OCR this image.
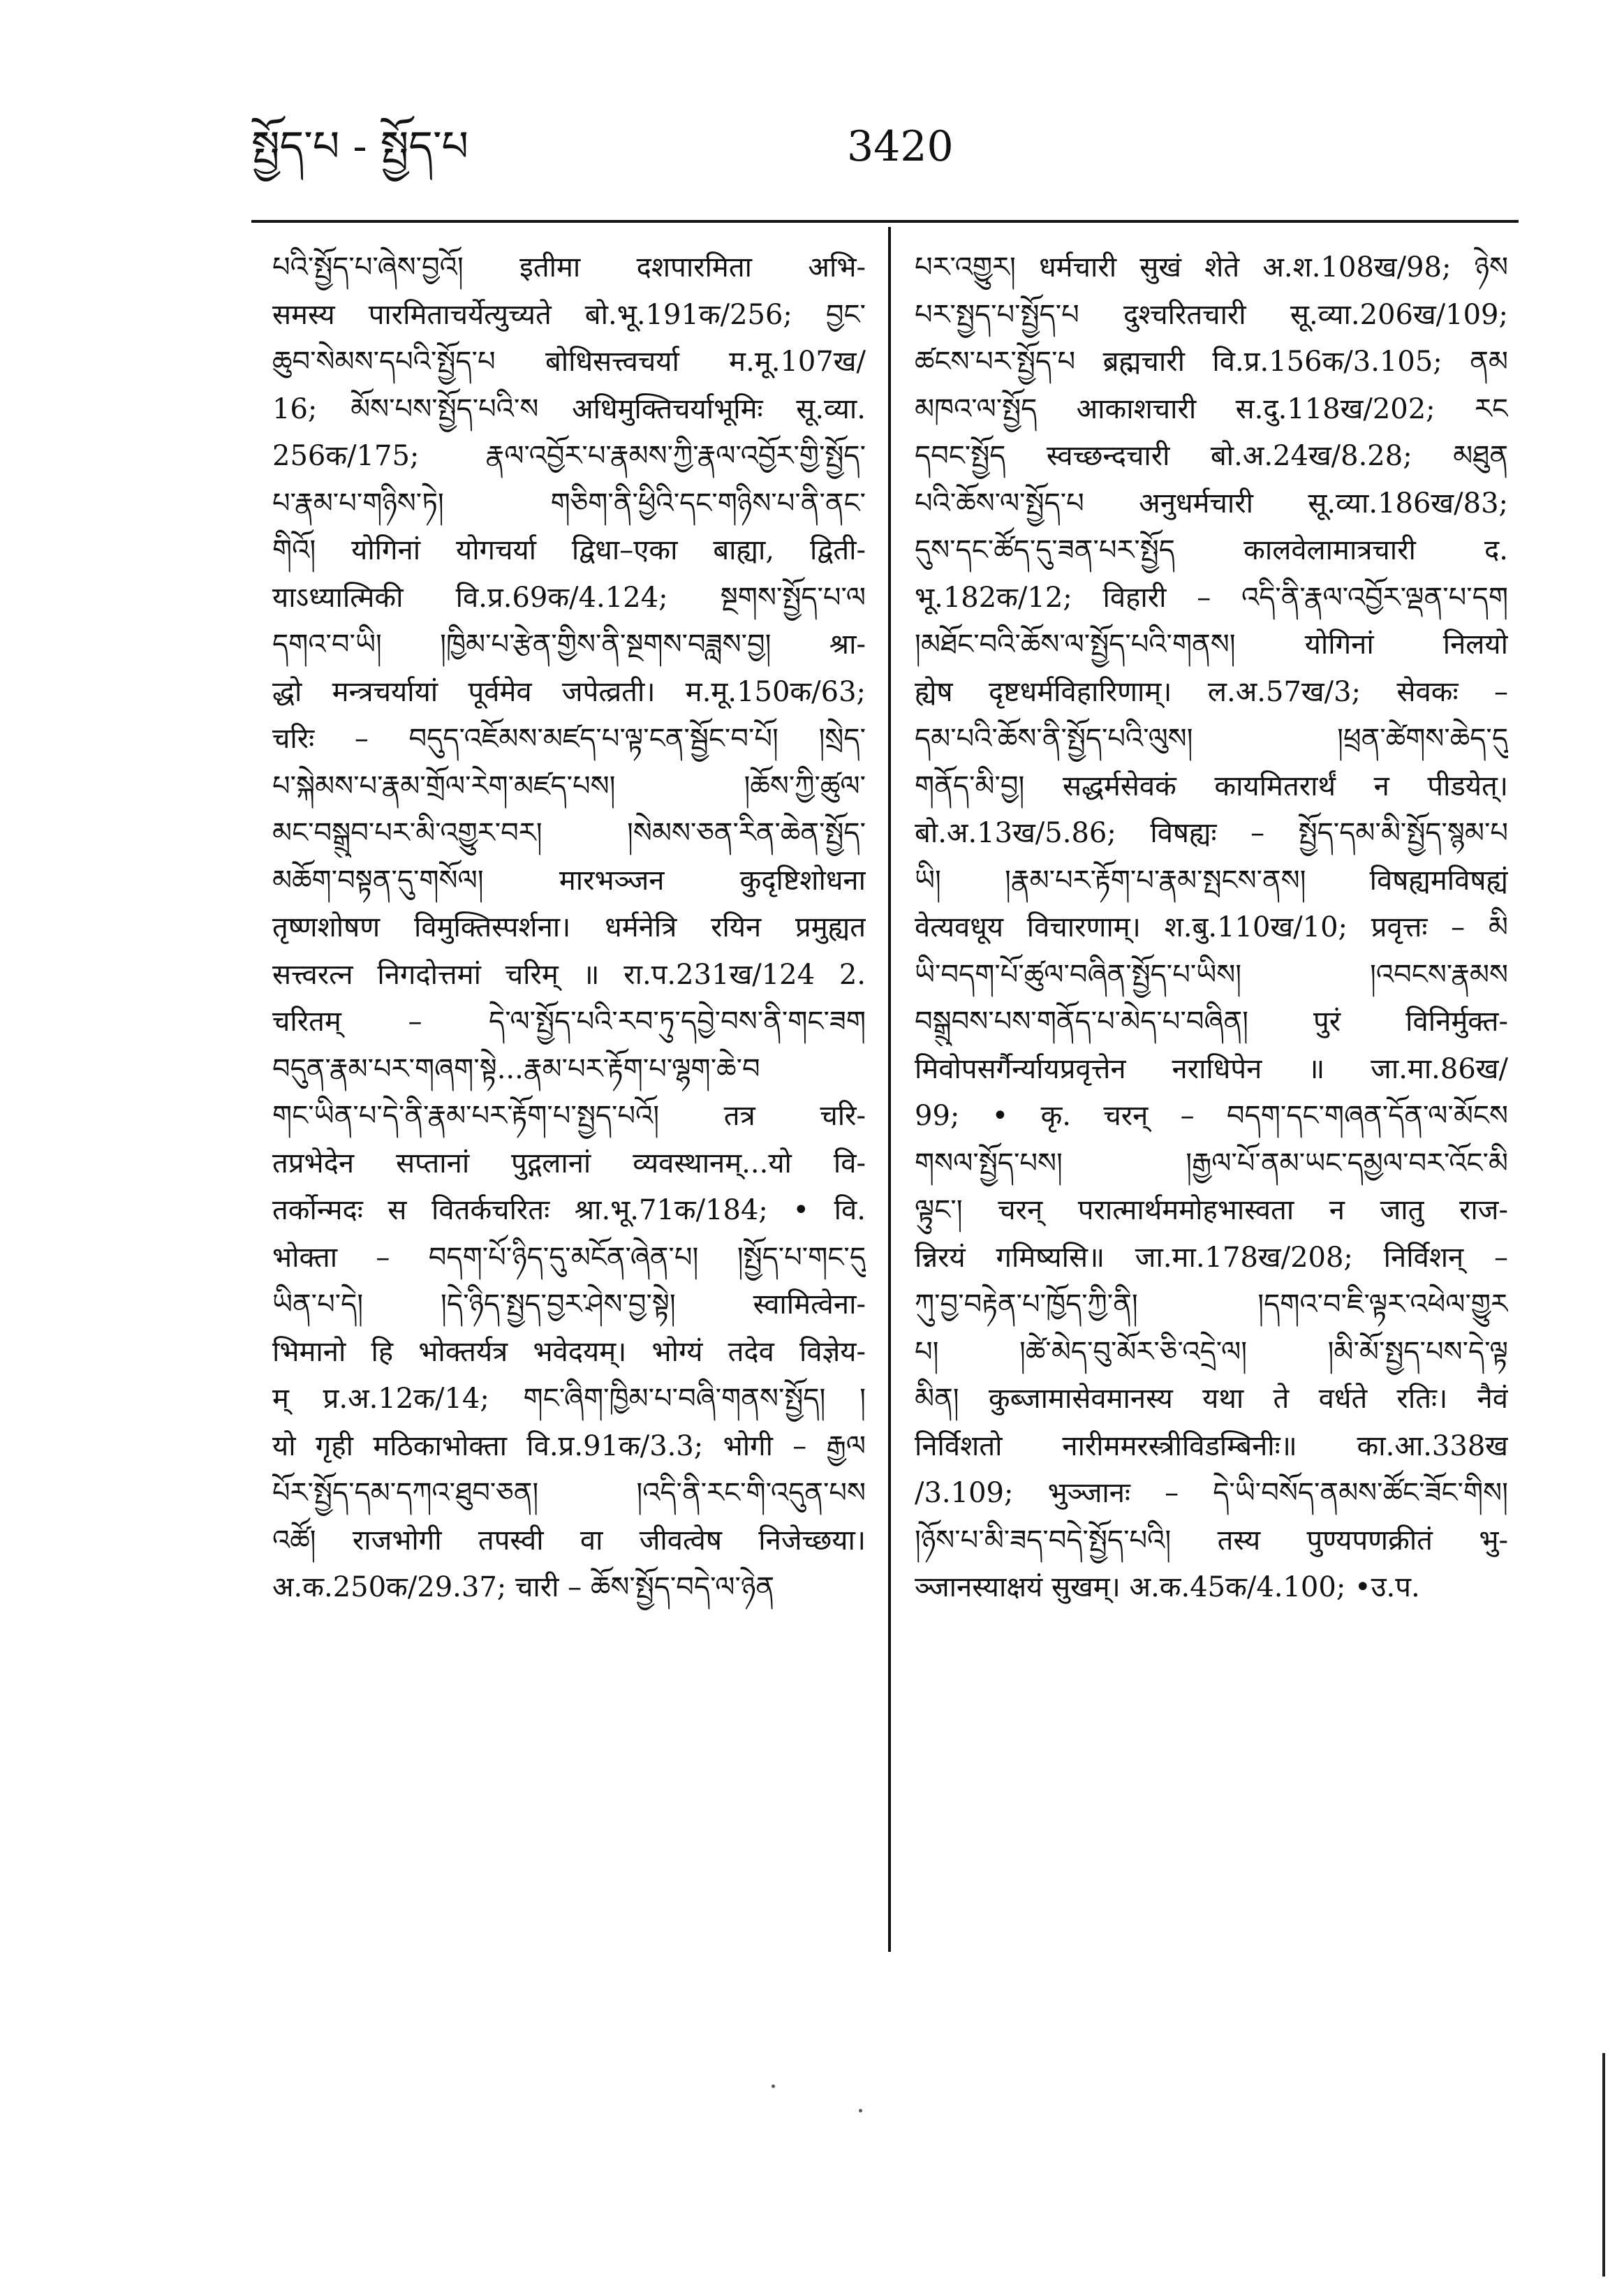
སྤྱོད་པ - སྤྱོད་པ	3420
པའི་སྤྱོད་པ་ཞེས་བྱའོ། इतीमा दशपारमिता अभि-
समस्य पारमिताचर्येत्युच्यते बो.भू.191क/256; བྱང་
ཆུབ་སེམས་དཔའི་སྤྱོད་པ बोधिसत्त्वचर्या म.मू.107ख/
16; མོས་པས་སྤྱོད་པའི་ས अधिमुक्तिचर्याभूमिः सू.व्या.
256क/175; རྣལ་འབྱོར་པ་རྣམས་ཀྱི་རྣལ་འབྱོར་གྱི་སྤྱོད་
པ་རྣམ་པ་གཉིས་ཏེ། གཅིག་ནི་ཕྱིའི་དང་གཉིས་པ་ནི་ནང་
གིའོ། योगिनां योगचर्या द्विधा–एका बाह्या, द्विती-
याऽध्यात्मिकी वि.प्र.69क/4.124; སྔགས་སྤྱོད་པ་ལ
དགའ་བ་ཡི། །ཁྱིམ་པ་རྩེན་གྱིས་ནི་སྔགས་བཟླས་བྱ། श्रा-
द्धो मन्त्रचर्यायां पूर्वमेव जपेत्व्रती। म.मू.150क/63;
चरिः – བདུད་འཇོམས་མཛད་པ་ལྟ་ངན་སྦྱོང་བ་པོ། །སྲེད་
པ་སྐེམས་པ་རྣམ་གྲོལ་རེག་མཛད་པས། །ཆོས་ཀྱི་ཚུལ་
མང་བསྒྲུབ་པར་མི་འགྱུར་བར། །སེམས་ཅན་རིན་ཆེན་སྤྱོད་
མཆོག་བསྟན་དུ་གསོལ། मारभञ्जन कुदृष्टिशोधना
तृष्णशोषण विमुक्तिस्पर्शना। धर्मनेत्रि रयिन प्रमुह्यत
सत्त्वरत्न निगदोत्तमां चरिम् ॥ रा.प.231ख/124 2.
चरितम् – དེ་ལ་སྤྱོད་པའི་རབ་ཏུ་དབྱེ་བས་ནི་གང་ཟག
བདུན་རྣམ་པར་གཞག་སྟེ...རྣམ་པར་རྟོག་པ་ལྷག་ཆེ་བ
གང་ཡིན་པ་དེ་ནི་རྣམ་པར་རྟོག་པ་སྤྱད་པའོ། तत्र चरि-
तप्रभेदेन सप्तानां पुद्गलानां व्यवस्थानम्...यो वि-
तर्कोन्मदः स वितर्कचरितः श्रा.भू.71क/184; • वि.
भोक्ता – བདག་པོ་ཉིད་དུ་མངོན་ཞེན་པ། །སྤྱོད་པ་གང་དུ
ཡིན་པ་དེ། །དེ་ཉིད་སྤྱད་བྱར་ཤེས་བྱ་སྟེ། स्वामित्वेना-
भिमानो हि भोक्तर्यत्र भवेदयम्। भोग्यं तदेव विज्ञेय-
म् प्र.अ.12क/14; གང་ཞིག་ཁྱིམ་པ་བཞི་གནས་སྤྱོད། །
यो गृही मठिकाभोक्ता वि.प्र.91क/3.3; भोगी – རྒྱལ
པོར་སྤྱོད་དམ་དཀའ་ཐུབ་ཅན། །འདི་ནི་རང་གི་འདུན་པས
འཚོ། राजभोगी तपस्वी वा जीवत्वेष निजेच्छया।
अ.क.250क/29.37; चारी – ཆོས་སྤྱོད་བདེ་ལ་ཉེན
པར་འགྱུར། धर्मचारी सुखं शेते अ.श.108ख/98; ཉེས
པར་སྤྱད་པ་སྤྱོད་པ दुश्चरितचारी सू.व्या.206ख/109;
ཚངས་པར་སྤྱོད་པ ब्रह्मचारी वि.प्र.156क/3.105; ནམ
མཁའ་ལ་སྤྱོད आकाशचारी स.दु.118ख/202; རང
དབང་སྤྱོད स्वच्छन्दचारी बो.अ.24ख/8.28; མཐུན
པའི་ཆོས་ལ་སྤྱོད་པ अनुधर्मचारी सू.व्या.186ख/83;
དུས་དང་ཚོད་དུ་ཟན་པར་སྤྱོད कालवेलामात्रचारी द.
भू.182क/12; विहारी – འདི་ནི་རྣལ་འབྱོར་ལྡན་པ་དག
།མཐོང་བའི་ཆོས་ལ་སྤྱོད་པའི་གནས། योगिनां निलयो
ह्येष दृष्टधर्मविहारिणाम्। ल.अ.57ख/3; सेवकः –
དམ་པའི་ཆོས་ནི་སྤྱོད་པའི་ལུས། །ཕྲན་ཚེགས་ཆེད་དུ
གནོད་མི་བྱ། सद्धर्मसेवकं कायमितरार्थं न पीडयेत्।
बो.अ.13ख/5.86; विषह्यः – སྤྱོད་དམ་མི་སྤྱོད་སྙམ་པ
ཡི། །རྣམ་པར་རྟོག་པ་རྣམ་སྤངས་ནས། विषह्यमविषह्यं
वेत्यवधूय विचारणाम्। श.बु.110ख/10; प्रवृत्तः – མི
ཡི་བདག་པོ་ཚུལ་བཞིན་སྤྱོད་པ་ཡིས། །འབངས་རྣམས
བསྒྲུབས་པས་གནོད་པ་མེད་པ་བཞིན། पुरं विनिर्मुक्त-
मिवोपसर्गैर्न्यायप्रवृत्तेन नराधिपेन ॥ जा.मा.86ख/
99; • कृ. चरन् – བདག་དང་གཞན་དོན་ལ་མོངས
གསལ་སྤྱོད་པས། །རྒྱལ་པོ་ནམ་ཡང་དམྱལ་བར་འོང་མི
ལྟུང་། चरन् परात्मार्थममोहभास्वता न जातु राज-
न्निरयं गमिष्यसि॥ जा.मा.178ख/208; निर्विशन् –
ཀུ་བྱ་བརྟེན་པ་ཁྱོད་ཀྱི་ནི། །དགའ་བ་ཇི་ལྟར་འཕེལ་གྱུར
པ། །ཚེ་མེད་བུ་མོར་ཅི་འདྲེ་ལ། །མི་མོ་སྤྱད་པས་དེ་ལྟ
མིན། कुब्जामासेवमानस्य यथा ते वर्धते रतिः। नैवं
निर्विशतो नारीममरस्त्रीविडम्बिनीः॥ का.आ.338ख
/3.109; भुञ्जानः – དེ་ཡི་བསོད་ནམས་ཚོང་ཟོང་གིས།
།ཉོས་པ་མི་ཟད་བདེ་སྤྱོད་པའི། तस्य पुण्यपणक्रीतं भु-
ञ्जानस्याक्षयं सुखम्। अ.क.45क/4.100; •उ.प.
